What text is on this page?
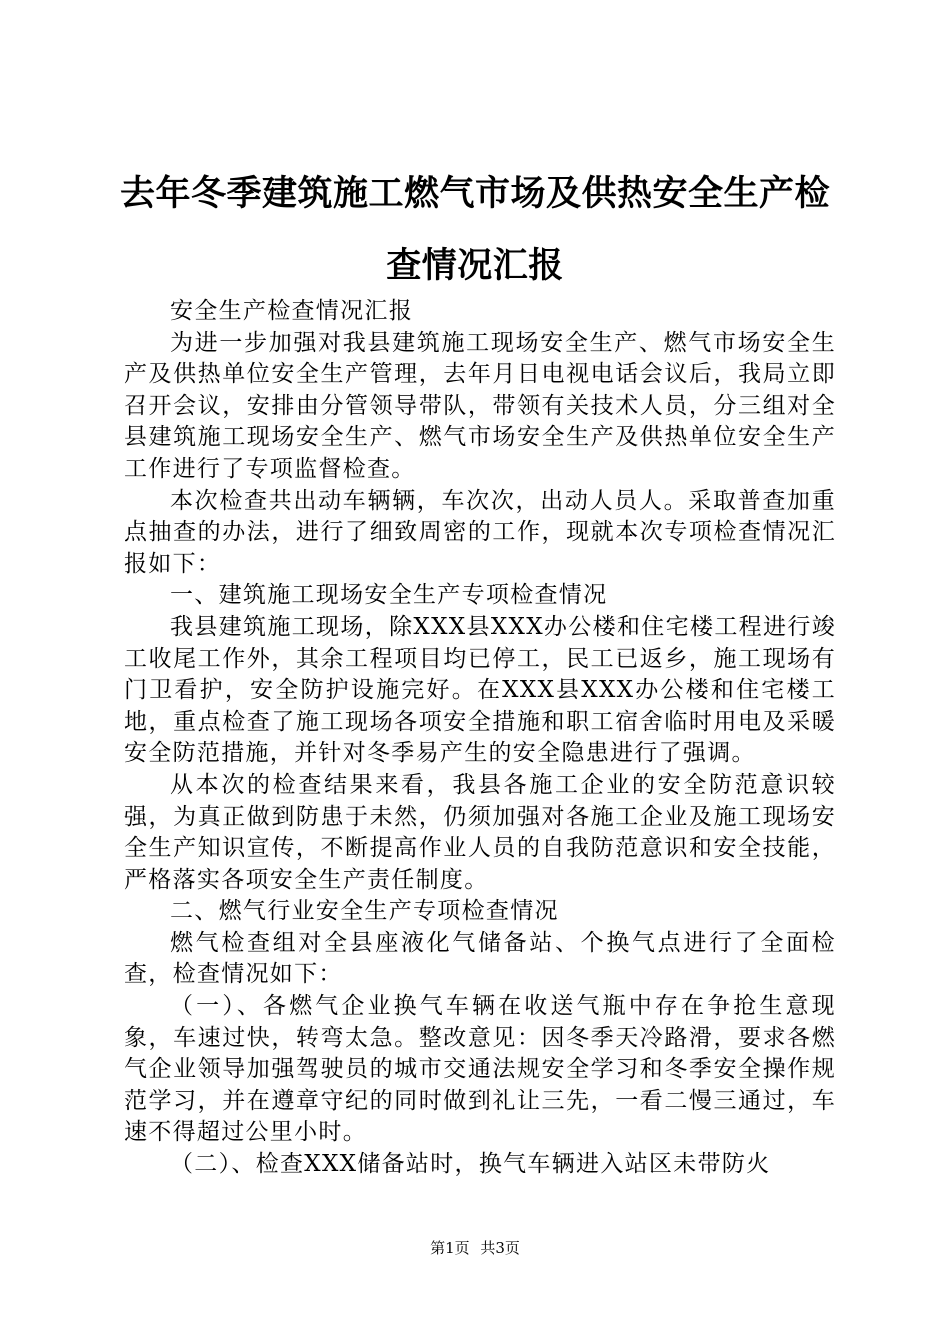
去年冬季建筑施工燃气市场及供热安全生产检查情况汇报

安全生产检查情况汇报

为进一步加强对我县建筑施工现场安全生产、燃气市场安全生产及供热单位安全生产管理，去年月日电视电话会议后，我局立即召开会议，安排由分管领导带队，带领有关技术人员，分三组对全县建筑施工现场安全生产、燃气市场安全生产及供热单位安全生产工作进行了专项监督检查。

本次检查共出动车辆辆，车次次，出动人员人。采取普查加重点抽查的办法，进行了细致周密的工作，现就本次专项检查情况汇报如下：

一、建筑施工现场安全生产专项检查情况

我县建筑施工现场，除XXX县XXX办公楼和住宅楼工程进行竣工收尾工作外，其余工程项目均已停工，民工已返乡，施工现场有门卫看护，安全防护设施完好。在XXX县XXX办公楼和住宅楼工地，重点检查了施工现场各项安全措施和职工宿舍临时用电及采暖安全防范措施，并针对冬季易产生的安全隐患进行了强调。

从本次的检查结果来看，我县各施工企业的安全防范意识较强，为真正做到防患于未然，仍须加强对各施工企业及施工现场安全生产知识宣传，不断提高作业人员的自我防范意识和安全技能，严格落实各项安全生产责任制度。

二、燃气行业安全生产专项检查情况

燃气检查组对全县座液化气储备站、个换气点进行了全面检查，检查情况如下：

（一）、各燃气企业换气车辆在收送气瓶中存在争抢生意现象，车速过快，转弯太急。整改意见：因冬季天冷路滑，要求各燃气企业领导加强驾驶员的城市交通法规安全学习和冬季安全操作规范学习，并在遵章守纪的同时做到礼让三先，一看二慢三通过，车速不得超过公里小时。

（二）、检查XXX储备站时，换气车辆进入站区未带防火

第1页 共3页
